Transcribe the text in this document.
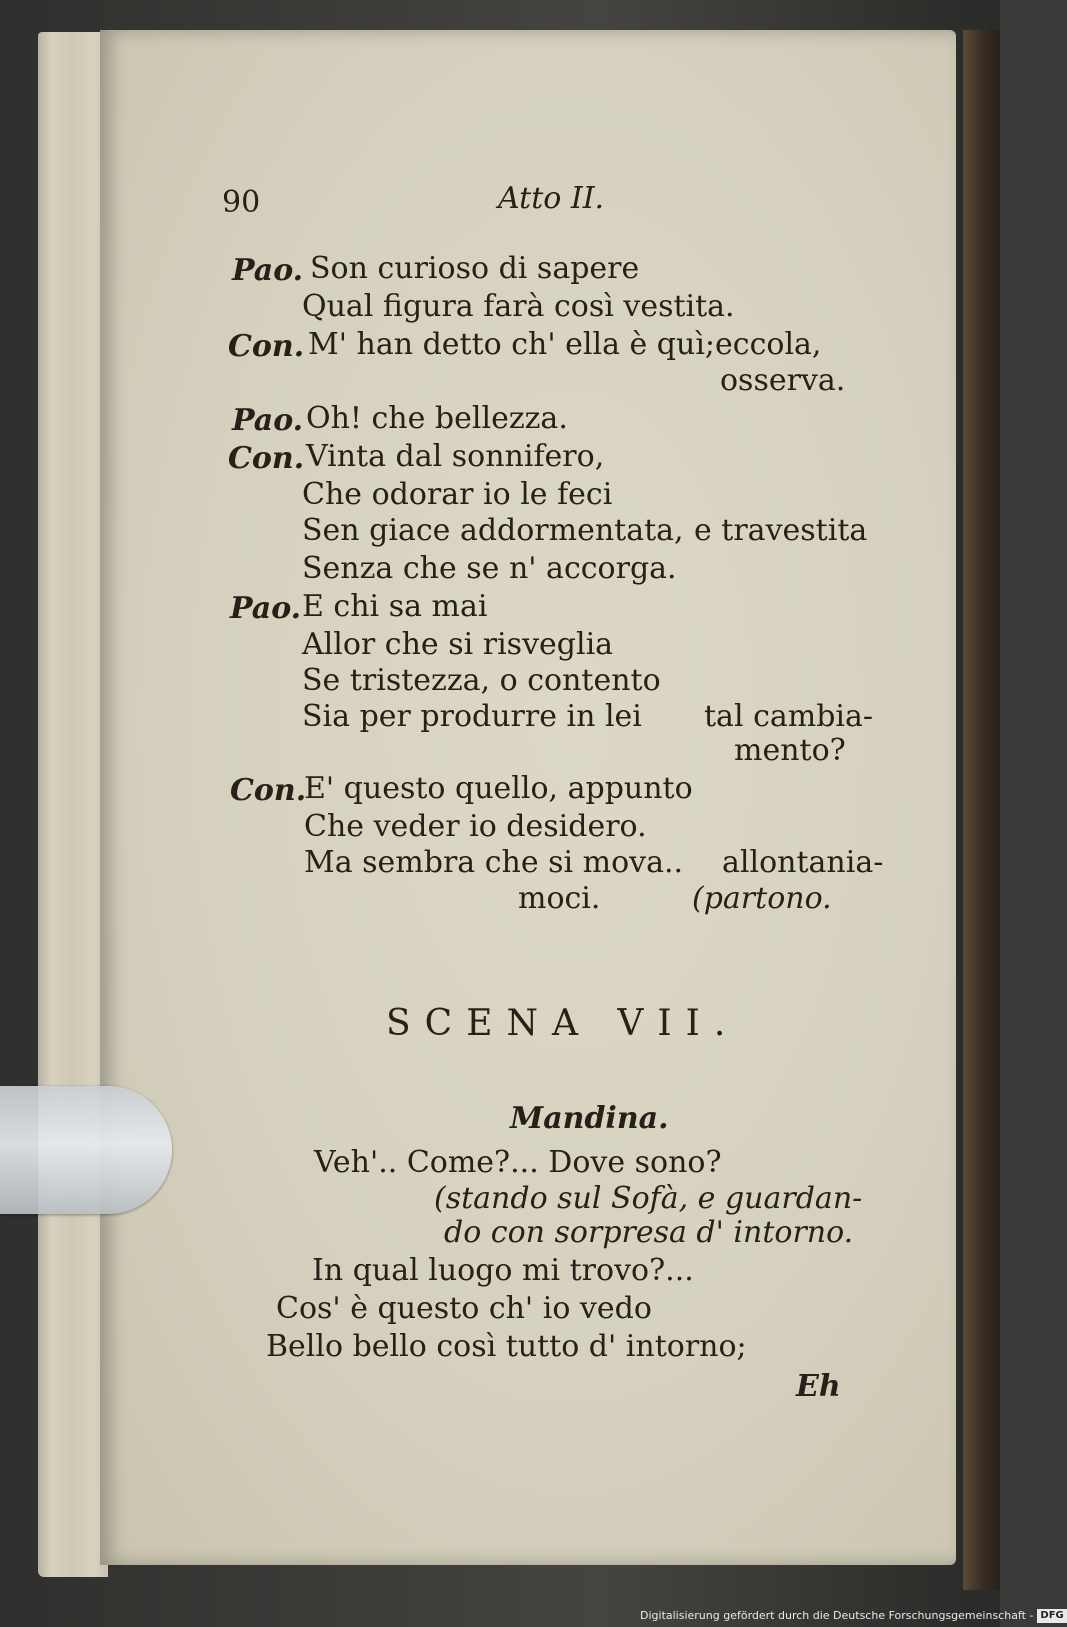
90	Atto II.
Pao. Son curioso di sapere
Qual figura farà così vestita.
Con. M' han detto ch' ella è quì;eccola,
osserva.
Pao. Oh! che bellezza.
Con. Vinta dal sonnifero,
Che odorar io le feci
Sen giace addormentata, e travestita
Senza che se n' accorga.
Pao. E chi sa mai
Allor che si risveglia
Se tristezza, o contento
Sia per produrre in lei tal cambia-
mento?
Con.
E' questo quello, appunto
Che veder io desidero.
Ma sembra che si mova.. allontania-
moci.	(partono.
SCENA VII.
Mandina.
Veh'.. Come?... Dove sono?
(stando sul Sofà, e guardan-
do con sorpresa d' intorno.
In qual luogo mi trovo?...
Cos' è questo ch' io vedo
Bello bello così tutto d' intorno;
Eh
Digitalisierung gefördert durch die Deutsche Forschungsgemeinschaft - DFG
